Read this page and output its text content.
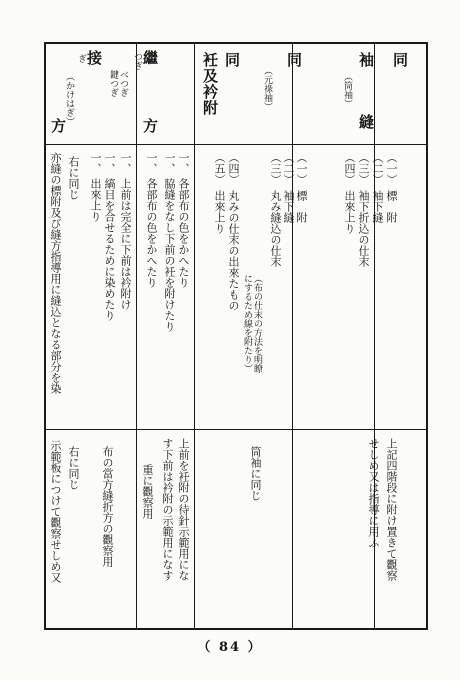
同
袖
縫
（筒袖）
同
（元祿袖）
同
衽及衿附
繼
つぎ
方
べつぎ
鍵つぎ
接
ぎ
方
（かけはぎ）
（一）
標　附
（二）
袖下縫
（三）
袖下折込の仕末
（四）
出來上り
上記四階段に附け置きて觀察
せしめ又は指導に用ふ
（一）
標　附
（二）
袖下縫
（三）
丸み縫込の仕末
（布の仕末の方法を明瞭
にするため線を附たり）
（四）
丸みの仕末の出來たもの
（五）
出來上り
筒袖に同じ
一、
各部布の色をかへたり
一、
脇縫をなし下前の衽を附けたり
上前を衽附の待針示範用にな
す下前は衿附の示範用になす
一、
各部布の色をかへたり
一、
上前は完全に下前は衿附け
重に觀察用
一、
縞目を合せるために染めたり
一、
出來上り
布の當方縫折方の觀察用
右に同じ
右に同じ
亦縫の標附及び縫方指導用に縫込となる部分を染
示範板につけて觀察せしめ又
（ 84 ）
